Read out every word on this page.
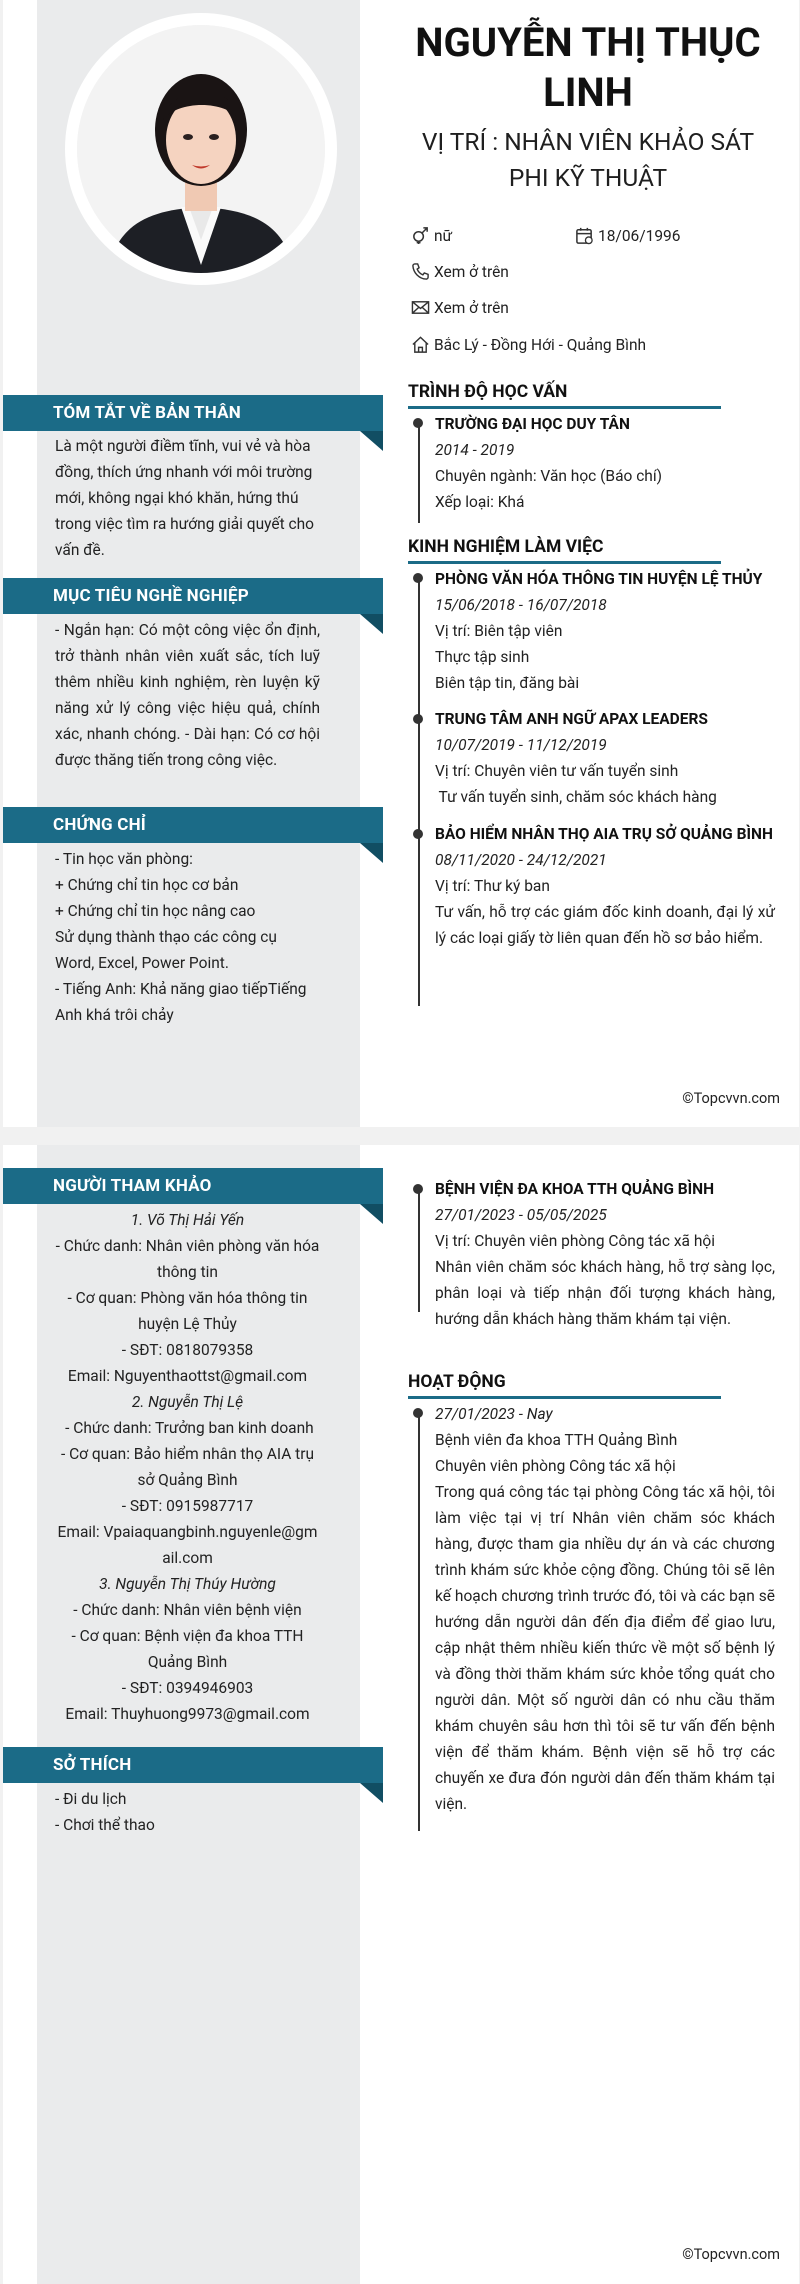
NGUYỄN THỊ THỤC LINH
VỊ TRÍ : NHÂN VIÊN KHẢO SÁT PHI KỸ THUẬT
nữ	18/06/1996
Xem ở trên
Xem ở trên
Bắc Lý - Đồng Hới - Quảng Bình
TÓM TẮT VỀ BẢN THÂN
Là một người điềm tĩnh, vui vẻ và hòa đồng, thích ứng nhanh với môi trường mới, không ngại khó khăn, hứng thú trong việc tìm ra hướng giải quyết cho vấn đề.
MỤC TIÊU NGHỀ NGHIỆP
- Ngắn hạn: Có một công việc ổn định, trở thành nhân viên xuất sắc, tích luỹ thêm nhiều kinh nghiệm, rèn luyện kỹ năng xử lý công việc hiệu quả, chính xác, nhanh chóng. - Dài hạn: Có cơ hội được thăng tiến trong công việc.
CHỨNG CHỈ
- Tin học văn phòng:
+ Chứng chỉ tin học cơ bản
+ Chứng chỉ tin học nâng cao
Sử dụng thành thạo các công cụ Word, Excel, Power Point.
- Tiếng Anh: Khả năng giao tiếpTiếng Anh khá trôi chảy
TRÌNH ĐỘ HỌC VẤN
TRƯỜNG ĐẠI HỌC DUY TÂN
2014 - 2019
Chuyên ngành: Văn học (Báo chí)
Xếp loại: Khá
KINH NGHIỆM LÀM VIỆC
PHÒNG VĂN HÓA THÔNG TIN HUYỆN LỆ THỦY
15/06/2018 - 16/07/2018
Vị trí: Biên tập viên
Thực tập sinh
Biên tập tin, đăng bài
TRUNG TÂM ANH NGỮ APAX LEADERS
10/07/2019 - 11/12/2019
Vị trí: Chuyên viên tư vấn tuyển sinh
Tư vấn tuyển sinh, chăm sóc khách hàng
BẢO HIỂM NHÂN THỌ AIA TRỤ SỞ QUẢNG BÌNH
08/11/2020 - 24/12/2021
Vị trí: Thư ký ban
Tư vấn, hỗ trợ các giám đốc kinh doanh, đại lý xử lý các loại giấy tờ liên quan đến hồ sơ bảo hiểm.
©Topcvvn.com
NGƯỜI THAM KHẢO
1. Võ Thị Hải Yến
- Chức danh: Nhân viên phòng văn hóa thông tin
- Cơ quan: Phòng văn hóa thông tin huyện Lệ Thủy
- SĐT: 0818079358
Email: Nguyenthaottst@gmail.com
2. Nguyễn Thị Lệ
- Chức danh: Trưởng ban kinh doanh
- Cơ quan: Bảo hiểm nhân thọ AIA trụ sở Quảng Bình
- SĐT: 0915987717
Email: Vpaiaquangbinh.nguyenle@gmail.com
3. Nguyễn Thị Thúy Hường
- Chức danh: Nhân viên bệnh viện
- Cơ quan: Bệnh viện đa khoa TTH Quảng Bình
- SĐT: 0394946903
Email: Thuyhuong9973@gmail.com
SỞ THÍCH
- Đi du lịch
- Chơi thể thao
BỆNH VIỆN ĐA KHOA TTH QUẢNG BÌNH
27/01/2023 - 05/05/2025
Vị trí: Chuyên viên phòng Công tác xã hội
Nhân viên chăm sóc khách hàng, hỗ trợ sàng lọc, phân loại và tiếp nhận đối tượng khách hàng, hướng dẫn khách hàng thăm khám tại viện.
HOẠT ĐỘNG
27/01/2023 - Nay
Bệnh viên đa khoa TTH Quảng Bình
Chuyên viên phòng Công tác xã hội
Trong quá công tác tại phòng Công tác xã hội, tôi làm việc tại vị trí Nhân viên chăm sóc khách hàng, được tham gia nhiều dự án và các chương trình khám sức khỏe cộng đồng. Chúng tôi sẽ lên kế hoạch chương trình trước đó, tôi và các bạn sẽ hướng dẫn người dân đến địa điểm để giao lưu, cập nhật thêm nhiều kiến thức về một số bệnh lý và đồng thời thăm khám sức khỏe tổng quát cho người dân. Một số người dân có nhu cầu thăm khám chuyên sâu hơn thì tôi sẽ tư vấn đến bệnh viện để thăm khám. Bệnh viện sẽ hỗ trợ các chuyến xe đưa đón người dân đến thăm khám tại viện.
©Topcvvn.com
